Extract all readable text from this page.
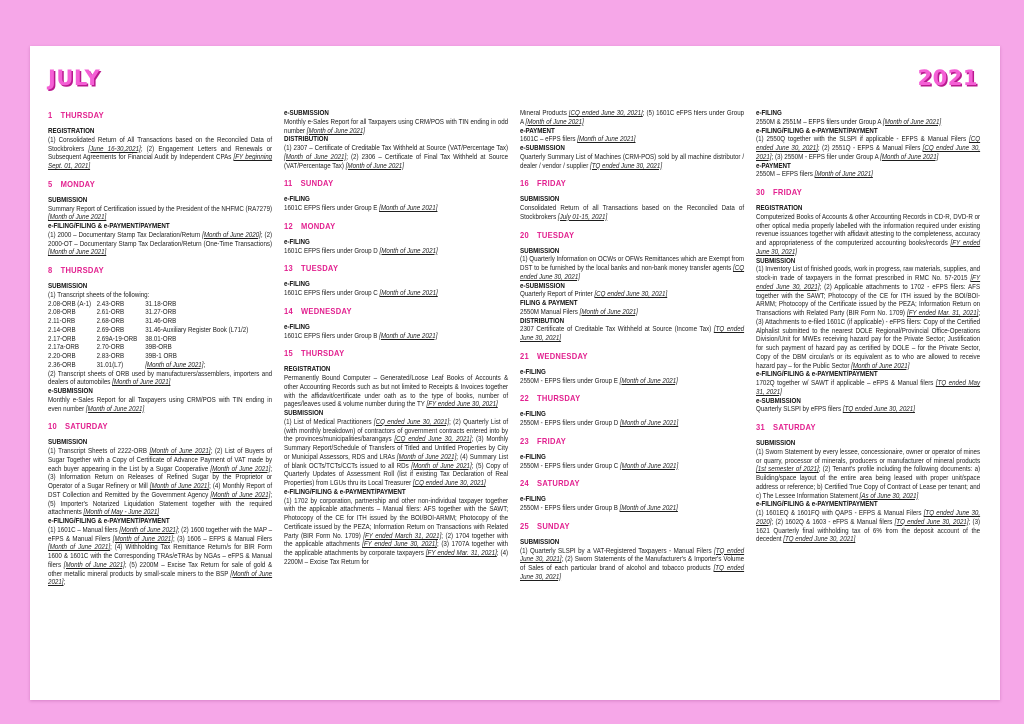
JULY	2021
1 THURSDAY
REGISTRATION

(1) Consolidated Return of All Transactions based on the Reconciled Data of Stockbrokers [June 16-30,2021]; (2) Engagement Letters and Renewals or Subsequent Agreements for Financial Audit by Independent CPAs [FY beginning Sept. 01, 2021]

5 MONDAY
SUBMISSION

Summary Report of Certification issued by the President of the NHFMC (RA7279) [Month of June 2021]

e-FILING/FILING & e-PAYMENT/PAYMENT

(1) 2000 – Documentary Stamp Tax Declaration/Return [Month of June 2020]; (2) 2000-OT – Documentary Stamp Tax Declaration/Return (One-Time Transactions) [Month of June 2021]

8 THURSDAY
SUBMISSION

(1) Transcript sheets of the following:

2.08-ORB (A-1) 2.43-ORB	31.18-ORB
2.08-ORB	2.61-ORB	31.27-ORB
2.11-ORB	2.68-ORB	31.46-ORB
2.14-ORB	2.69-ORB	31.46-Auxiliary Register Book (L71/2)
2.17-ORB	2.69A-19-ORB	38.01-ORB
2.17a-ORB	2.70-ORB	39B-ORB
2.20-ORB	2.83-ORB	39B-1 ORB
2.36-ORB	31.01(L7)	[Month of June 2021];

(2) Transcript sheets of ORB used by manufacturers/assemblers, importers and dealers of automobiles [Month of June 2021]

e-SUBMISSION

Monthly e-Sales Report for all Taxpayers using CRM/POS with TIN ending in even number [Month of June 2021]

10 SATURDAY
SUBMISSION

(1) Transcript Sheets of 2222-ORB [Month of June 2021]; (2) List of Buyers of Sugar Together with a Copy of Certificate of Advance Payment of VAT made by each buyer appearing in the List by a Sugar Cooperative [Month of June 2021]; (3) Information Return on Releases of Refined Sugar by the Proprietor or Operator of a Sugar Refinery or Mill [Month of June 2021]; (4) Monthly Report of DST Collection and Remitted by the Government Agency [Month of June 2021]; (5) Importer's Notarized Liquidation Statement together with the required attachments [Month of May - June 2021]

e-FILING/FILING & e-PAYMENT/PAYMENT

(1) 1601C – Manual filers [Month of June 2021]; (2) 1600 together with the MAP – eFPS & Manual Filers [Month of June 2021]; (3) 1606 – EFPS & Manual Filers [Month of June 2021]; (4) Withholding Tax Remittance Return/s for BIR Form 1600 & 1601C with the Corresponding TRAs/eTRAs by NGAs – eFPS & Manual filers [Month of June 2021]; (5) 2200M – Excise Tax Return for sale of gold & other metallic mineral products by small-scale miners to the BSP [Month of June 2021];

e-SUBMISSION

Monthly e-Sales Report for all Taxpayers using CRM/POS with TIN ending in odd number [Month of June 2021]

DISTRIBUTION

(1) 2307 – Certificate of Creditable Tax Withheld at Source (VAT/Percentage Tax) [Month of June 2021]; (2) 2306 – Certificate of Final Tax Withheld at Source (VAT/Percentage Tax) [Month of June 2021]

11 SUNDAY
e-FILING

1601C EFPS filers under Group E [Month of June 2021]

12 MONDAY
e-FILING

1601C EFPS filers under Group D [Month of June 2021]

13 TUESDAY
e-FILING

1601C EFPS filers under Group C [Month of June 2021]

14 WEDNESDAY
e-FILING

1601C EFPS filers under Group B [Month of June 2021]

15 THURSDAY
REGISTRATION

Permanently Bound Computer – Generated/Loose Leaf Books of Accounts & other Accounting Records such as but not limited to Receipts & Invoices together with the affidavit/certificate under oath as to the type of books, number of pages/leaves used & volume number during the TY [FY ended June 30, 2021]

SUBMISSION

(1) List of Medical Practitioners [CQ ended June 30, 2021]; (2) Quarterly List of (with monthly breakdown) of contractors of government contracts entered into by the provinces/municipalities/barangays [CQ ended June 30, 2021]; (3) Monthly Summary Report/Schedule of Transfers of Titled and Untitled Properties by City or Municipal Assessors, RDS and LRAs [Month of June 2021]; (4) Summary List of blank OCTs/TCTs/CCTs issued to all RDs [Month of June 2021]; (5) Copy of Quarterly Updates of Assessment Roll (list if existing Tax Declaration of Real Properties) from LGUs thru its Local Treasurer [CQ ended June 30, 2021]

e-FILING/FILING & e-PAYMENT/PAYMENT

(1) 1702 by corporation, partnership and other non-individual taxpayer together with the applicable attachments – Manual filers: AFS together with the SAWT; Photocopy of the CE for ITH issued by the BOI/BOI-ARMM; Photocopy of the Certificate issued by the PEZA; Information Return on Transactions with Related Party (BIR Form No. 1709) [FY ended March 31, 2021]; (2) 1704 together with the applicable attachments [FY ended June 30, 2021]; (3) 1707A together with the applicable attachments by corporate taxpayers [FY ended Mar. 31, 2021]; (4) 2200M – Excise Tax Return for

Mineral Products [CQ ended June 30, 2021]; (5) 1601C eFPS filers under Group A [Month of June 2021]

e-PAYMENT

1601C – eFPS filers [Month of June 2021]

e-SUBMISSION

Quarterly Summary List of Machines (CRM-POS) sold by all machine distributor / dealer / vendor / supplier [TQ ended June 30, 2021]

16 FRIDAY
SUBMISSION

Consolidated Return of all Transactions based on the Reconciled Data of Stockbrokers [July 01-15, 2021]

20 TUESDAY
SUBMISSION

(1) Quarterly Information on OCWs or OFWs Remittances which are Exempt from DST to be furnished by the local banks and non-bank money transfer agents [CQ ended June 30, 2021]

e-SUBMISSION

Quarterly Report of Printer [CQ ended June 30, 2021]

FILING & PAYMENT

2550M Manual Filers [Month of June 2021]

DISTRIBUTION

2307 Certificate of Creditable Tax Withheld at Source (Income Tax) [TQ ended June 30, 2021]

21 WEDNESDAY
e-FILING

2550M - EFPS filers under Group E [Month of June 2021]

22 THURSDAY
e-FILING

2550M - EFPS filers under Group D [Month of June 2021]

23 FRIDAY
e-FILING

2550M - EFPS filers under Group C [Month of June 2021]

24 SATURDAY
e-FILING

2550M - EFPS filers under Group B [Month of June 2021]

25 SUNDAY
SUBMISSION

(1) Quarterly SLSPI by a VAT-Registered Taxpayers - Manual Filers [TQ ended June 30, 2021]; (2) Sworn Statements of the Manufacturer's & Importer's Volume of Sales of each particular brand of alcohol and tobacco products [TQ ended June 30, 2021]

e-FILING

2550M & 2551M – EFPS filers under Group A [Month of June 2021]

e-FILING/FILING & e-PAYMENT/PAYMENT

(1) 2550Q together with the SLSPI if applicable - EFPS & Manual Filers [CQ ended June 30, 2021]; (2) 2551Q - EFPS & Manual Filers [CQ ended June 30, 2021]; (3) 2550M - EFPS filer under Group A [Month of June 2021]

e-PAYMENT

2550M – EFPS filers [Month of June 2021]

30 FRIDAY
REGISTRATION

Computerized Books of Accounts & other Accounting Records in CD-R, DVD-R or other optical media properly labelled with the information required under existing revenue issuances together with affidavit attesting to the completeness, accuracy and appropriateness of the computerized accounting books/records [FY ended June 30, 2021]

SUBMISSION

(1) Inventory List of finished goods, work in progress, raw materials, supplies, and stock-in trade of taxpayers in the format prescribed in RMC No. 57-2015 [FY ended June 30, 2021]; (2) Applicable attachments to 1702 - eFPS filers: AFS together with the SAWT; Photocopy of the CE for ITH issued by the BOI/BOI-ARMM; Photocopy of the Certificate issued by the PEZA; Information Return on Transactions with Related Party (BIR Form No. 1709) [FY ended Mar. 31, 2021]; (3) Attachments to e-filed 1601C (if applicable) - eFPS filers: Copy of the Certified Alphalist submitted to the nearest DOLE Regional/Provincial Office-Operations Division/Unit for MWEs receiving hazard pay for the Private Sector; Justification for such payment of hazard pay as certified by DOLE – for the Private Sector, Copy of the DBM circular/s or its equivalent as to who are allowed to receive hazard pay – for the Public Sector [Month of June 2021]

e-FILING/FILING & e-PAYMENT/PAYMENT

1702Q together w/ SAWT if applicable – eFPS & Manual filers [TQ ended May 31, 2021]

e-SUBMISSION

Quarterly SLSPI by eFPS filers [TQ ended June 30, 2021]

31 SATURDAY
SUBMISSION

(1) Sworn Statement by every lessee, concessionaire, owner or operator of mines or quarry, processor of minerals, producers or manufacturer of mineral products [1st semester of 2021]; (2) Tenant's profile including the following documents: a) Building/space layout of the entire area being leased with proper unit/space address or reference; b) Certified True Copy of Contract of Lease per tenant; and c) The Lessee Information Statement [As of June 30, 2021]

e-FILING/FILING & e-PAYMENT/PAYMENT

(1) 1601EQ & 1601FQ with QAPS - EFPS & Manual Filers [TQ ended June 30, 2020]; (2) 1602Q & 1603 - eFPS & Manual filers [TQ ended June 30, 2021]; (3) 1621 Quarterly final withholding tax of 6% from the deposit account of the decedent [TQ ended June 30, 2021]
